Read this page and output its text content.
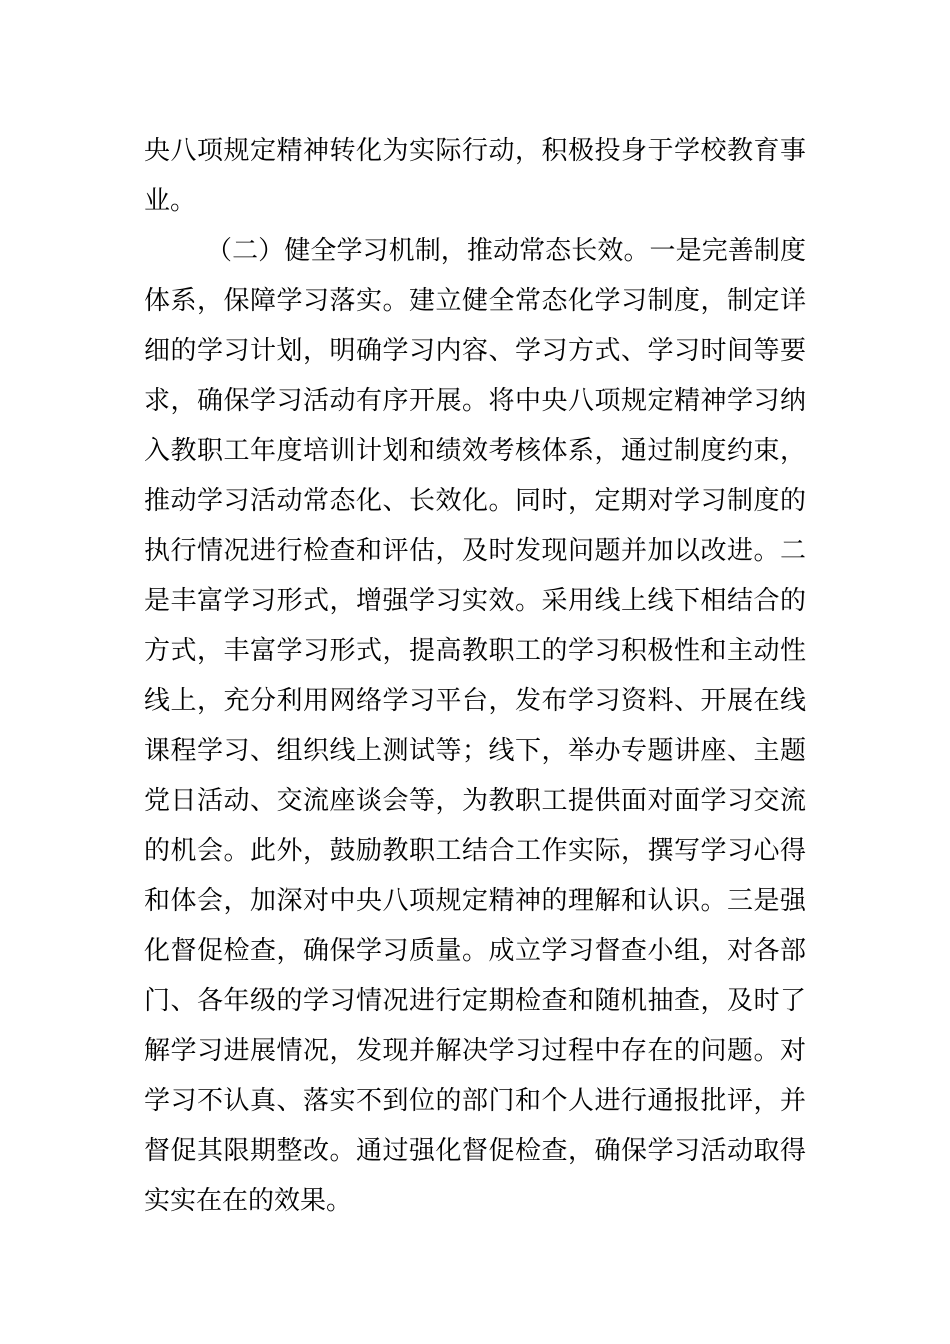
央八项规定精神转化为实际行动，积极投身于学校教育事
业。
（二）健全学习机制，推动常态长效。一是完善制度
体系，保障学习落实。建立健全常态化学习制度，制定详
细的学习计划，明确学习内容、学习方式、学习时间等要
求，确保学习活动有序开展。将中央八项规定精神学习纳
入教职工年度培训计划和绩效考核体系，通过制度约束，
推动学习活动常态化、长效化。同时，定期对学习制度的
执行情况进行检查和评估，及时发现问题并加以改进。二
是丰富学习形式，增强学习实效。采用线上线下相结合的
方式，丰富学习形式，提高教职工的学习积极性和主动性
线上，充分利用网络学习平台，发布学习资料、开展在线
课程学习、组织线上测试等；线下，举办专题讲座、主题
党日活动、交流座谈会等，为教职工提供面对面学习交流
的机会。此外，鼓励教职工结合工作实际，撰写学习心得
和体会，加深对中央八项规定精神的理解和认识。三是强
化督促检查，确保学习质量。成立学习督查小组，对各部
门、各年级的学习情况进行定期检查和随机抽查，及时了
解学习进展情况，发现并解决学习过程中存在的问题。对
学习不认真、落实不到位的部门和个人进行通报批评，并
督促其限期整改。通过强化督促检查，确保学习活动取得
实实在在的效果。
